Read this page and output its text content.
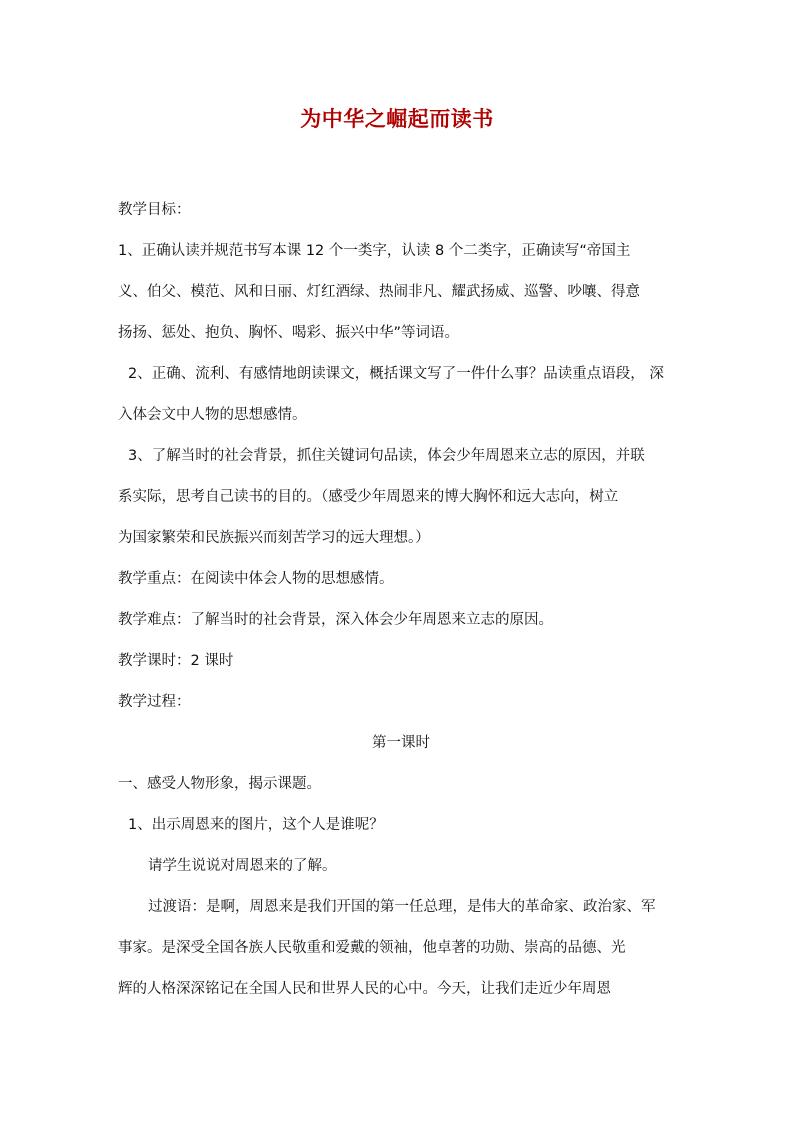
为中华之崛起而读书
教学目标：
1、正确认读并规范书写本课 12 个一类字，认读 8 个二类字，正确读写“帝国主
义、伯父、模范、风和日丽、灯红酒绿、热闹非凡、耀武扬威、巡警、吵嚷、得意
扬扬、惩处、抱负、胸怀、喝彩、振兴中华”等词语。
2、正确、流利、有感情地朗读课文，概括课文写了一件什么事？品读重点语段， 深
入体会文中人物的思想感情。
3、了解当时的社会背景，抓住关键词句品读，体会少年周恩来立志的原因，并联
系实际，思考自己读书的目的。（感受少年周恩来的博大胸怀和远大志向，树立
为国家繁荣和民族振兴而刻苦学习的远大理想。）
教学重点：在阅读中体会人物的思想感情。
教学难点：了解当时的社会背景，深入体会少年周恩来立志的原因。
教学课时：2 课时
教学过程：
第一课时
一、感受人物形象，揭示课题。
1、出示周恩来的图片，这个人是谁呢？
请学生说说对周恩来的了解。
过渡语：是啊，周恩来是我们开国的第一任总理，是伟大的革命家、政治家、军
事家。是深受全国各族人民敬重和爱戴的领袖，他卓著的功勋、崇高的品德、光
辉的人格深深铭记在全国人民和世界人民的心中。今天，让我们走近少年周恩
